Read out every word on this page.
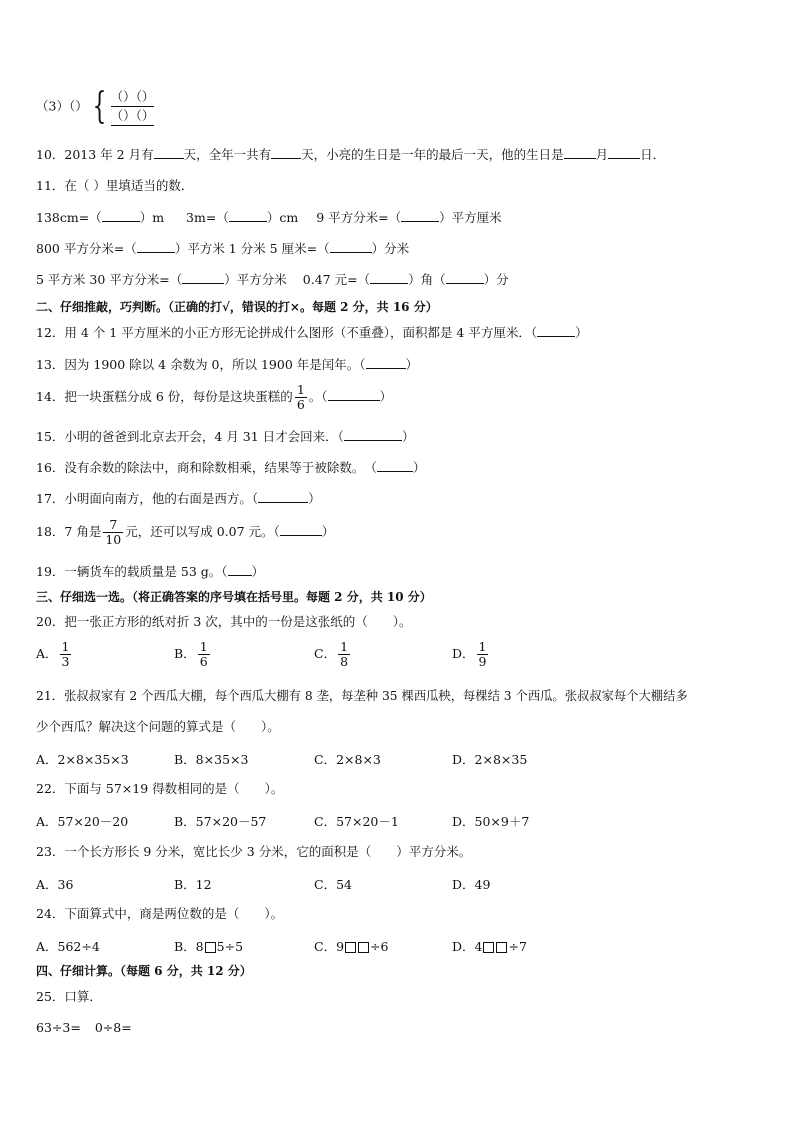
（3）（） { （）（）
（）（）
10．2013 年 2 月有 天，全年一共有 天，小亮的生日是一年的最后一天，他的生日是	月	日．
11．在（ ）里填适当的数．
138cm=（	）m 3m=（	）cm 9 平方分米=（	）平方厘米
800 平方分米=（	）平方米 1 分米 5 厘米=（	）分米
5 平方米 30 平方分米=（	）平方分米 0.47 元=（	）角（	）分
二、仔细推敲，巧判断。（正确的打√，错误的打×。每题 2 分，共 16 分）
12．用 4 个 1 平方厘米的小正方形无论拼成什么图形（不重叠），面积都是 4 平方厘米．（	）
13．因为 1900 除以 4 余数为 0，所以 1900 年是闰年。（	）
14．把一块蛋糕分成 6 份，每份是这块蛋糕的 $\frac{1}{6}$ 。（	）
15．小明的爸爸到北京去开会，4 月 31 日才会回来．（	）
16．没有余数的除法中，商和除数相乘，结果等于被除数。　（	）
17．小明面向南方，他的右面是西方。（	）
18．7 角是 $\frac{7}{10}$ 元，还可以写成 0.07 元。（	）
19．一辆货车的载质量是 53 g。（ ）
三、仔细选一选。（将正确答案的序号填在括号里。每题 2 分，共 10 分）
20．把一张正方形的纸对折 3 次，其中的一份是这张纸的（　　）。
A． $\frac{1}{3}$	B． $\frac{1}{6}$	C． $\frac{1}{8}$	D． $\frac{1}{9}$
21．张叔叔家有 2 个西瓜大棚，每个西瓜大棚有 8 垄，每垄种 35 棵西瓜秧，每棵结 3 个西瓜。张叔叔家每个大棚结多
少个西瓜？解决这个问题的算式是（　　）。
A．2×8×35×3	B．8×35×3	C．2×8×3	D．2×8×35
22．下面与 57×19 得数相同的是（　　）。
A．57×20－20	B．57×20－57	C．57×20－1	D．50×9＋7
23．一个长方形长 9 分米，宽比长少 3 分米，它的面积是（　　）平方分米。
A．36	B．12	C．54	D．49
24．下面算式中，商是两位数的是（　　）。
A．562÷4	B．8 5÷5	C．9 ÷6	D．4 ÷7
四、仔细计算。（每题 6 分，共 12 分）
25．口算．
63÷3= 0÷8=
